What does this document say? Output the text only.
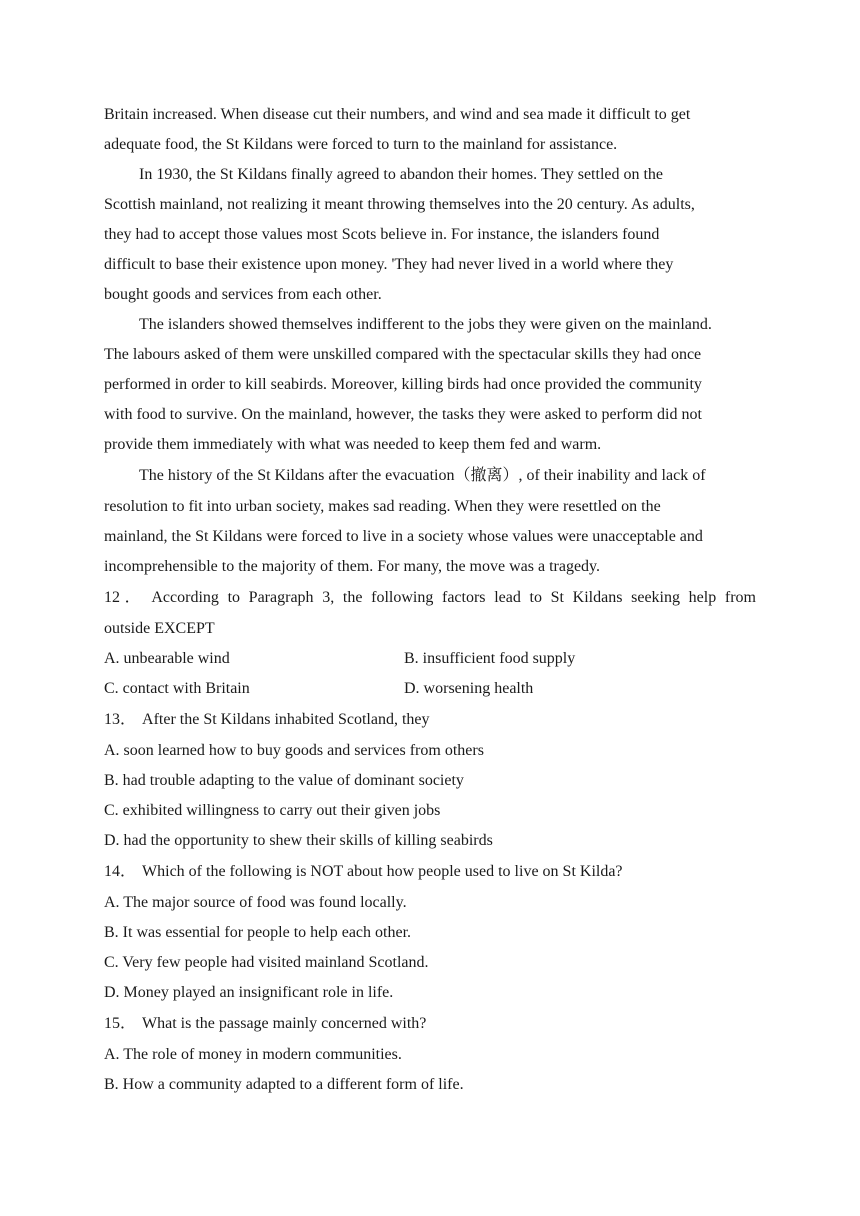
Britain increased. When disease cut their numbers, and wind and sea made it difficult to get
adequate food, the St Kildans were forced to turn to the mainland for assistance.
In 1930, the St Kildans finally agreed to abandon their homes. They settled on the
Scottish mainland, not realizing it meant throwing themselves into the 20 century. As adults,
they had to accept those values most Scots believe in. For instance, the islanders found
difficult to base their existence upon money. 'They had never lived in a world where they
bought goods and services from each other.
The islanders showed themselves indifferent to the jobs they were given on the mainland.
The labours asked of them were unskilled compared with the spectacular skills they had once
performed in order to kill seabirds. Moreover, killing birds had once provided the community
with food to survive. On the mainland, however, the tasks they were asked to perform did not
provide them immediately with what was needed to keep them fed and warm.
The history of the St Kildans after the evacuation（撤离）, of their inability and lack of
resolution to fit into urban society, makes sad reading. When they were resettled on the
mainland, the St Kildans were forced to live in a society whose values were unacceptable and
incomprehensible to the majority of them. For many, the move was a tragedy.
12． According to Paragraph 3, the following factors lead to St Kildans seeking help from
outside EXCEPT
A. unbearable wind	B. insufficient food supply
C. contact with Britain	D. worsening health
13． After the St Kildans inhabited Scotland, they
A. soon learned how to buy goods and services from others
B. had trouble adapting to the value of dominant society
C. exhibited willingness to carry out their given jobs
D. had the opportunity to shew their skills of killing seabirds
14． Which of the following is NOT about how people used to live on St Kilda?
A. The major source of food was found locally.
B. It was essential for people to help each other.
C. Very few people had visited mainland Scotland.
D. Money played an insignificant role in life.
15． What is the passage mainly concerned with?
A. The role of money in modern communities.
B. How a community adapted to a different form of life.
